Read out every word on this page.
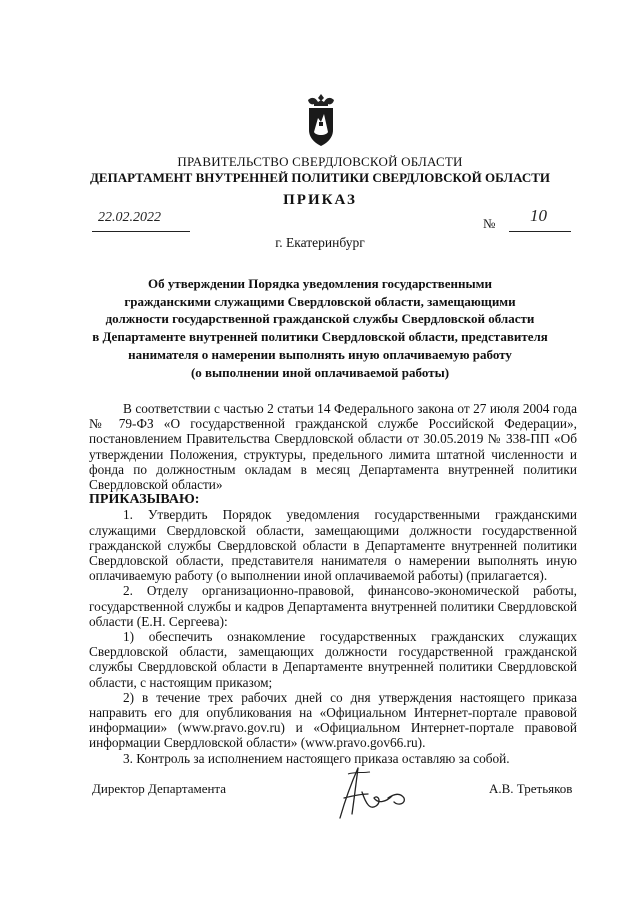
ПРАВИТЕЛЬСТВО СВЕРДЛОВСКОЙ ОБЛАСТИ
ДЕПАРТАМЕНТ ВНУТРЕННЕЙ ПОЛИТИКИ СВЕРДЛОВСКОЙ ОБЛАСТИ
ПРИКАЗ
22.02.2022	№ 10
г. Екатеринбург
Об утверждении Порядка уведомления государственными
гражданскими служащими Свердловской области, замещающими
должности государственной гражданской службы Свердловской области
в Департаменте внутренней политики Свердловской области, представителя
нанимателя о намерении выполнять иную оплачиваемую работу
(о выполнении иной оплачиваемой работы)

В соответствии с частью 2 статьи 14 Федерального закона от 27 июля 2004 года № 79-ФЗ «О государственной гражданской службе Российской Федерации», постановлением Правительства Свердловской области от 30.05.2019 № 338-ПП «Об утверждении Положения, структуры, предельного лимита штатной численности и фонда по должностным окладам в месяц Департамента внутренней политики Свердловской области»

ПРИКАЗЫВАЮ:

1. Утвердить Порядок уведомления государственными гражданскими служащими Свердловской области, замещающими должности государственной гражданской службы Свердловской области в Департаменте внутренней политики Свердловской области, представителя нанимателя о намерении выполнять иную оплачиваемую работу (о выполнении иной оплачиваемой работы) (прилагается).

2. Отделу организационно-правовой, финансово-экономической работы, государственной службы и кадров Департамента внутренней политики Свердловской области (Е.Н. Сергеева):

1) обеспечить ознакомление государственных гражданских служащих Свердловской области, замещающих должности государственной гражданской службы Свердловской области в Департаменте внутренней политики Свердловской области, с настоящим приказом;

2) в течение трех рабочих дней со дня утверждения настоящего приказа направить его для опубликования на «Официальном Интернет-портале правовой информации» (www.pravo.gov.ru) и «Официальном Интернет-портале правовой информации Свердловской области» (www.pravo.gov66.ru).

3. Контроль за исполнением настоящего приказа оставляю за собой.

Директор Департамента	А.В. Третьяков
